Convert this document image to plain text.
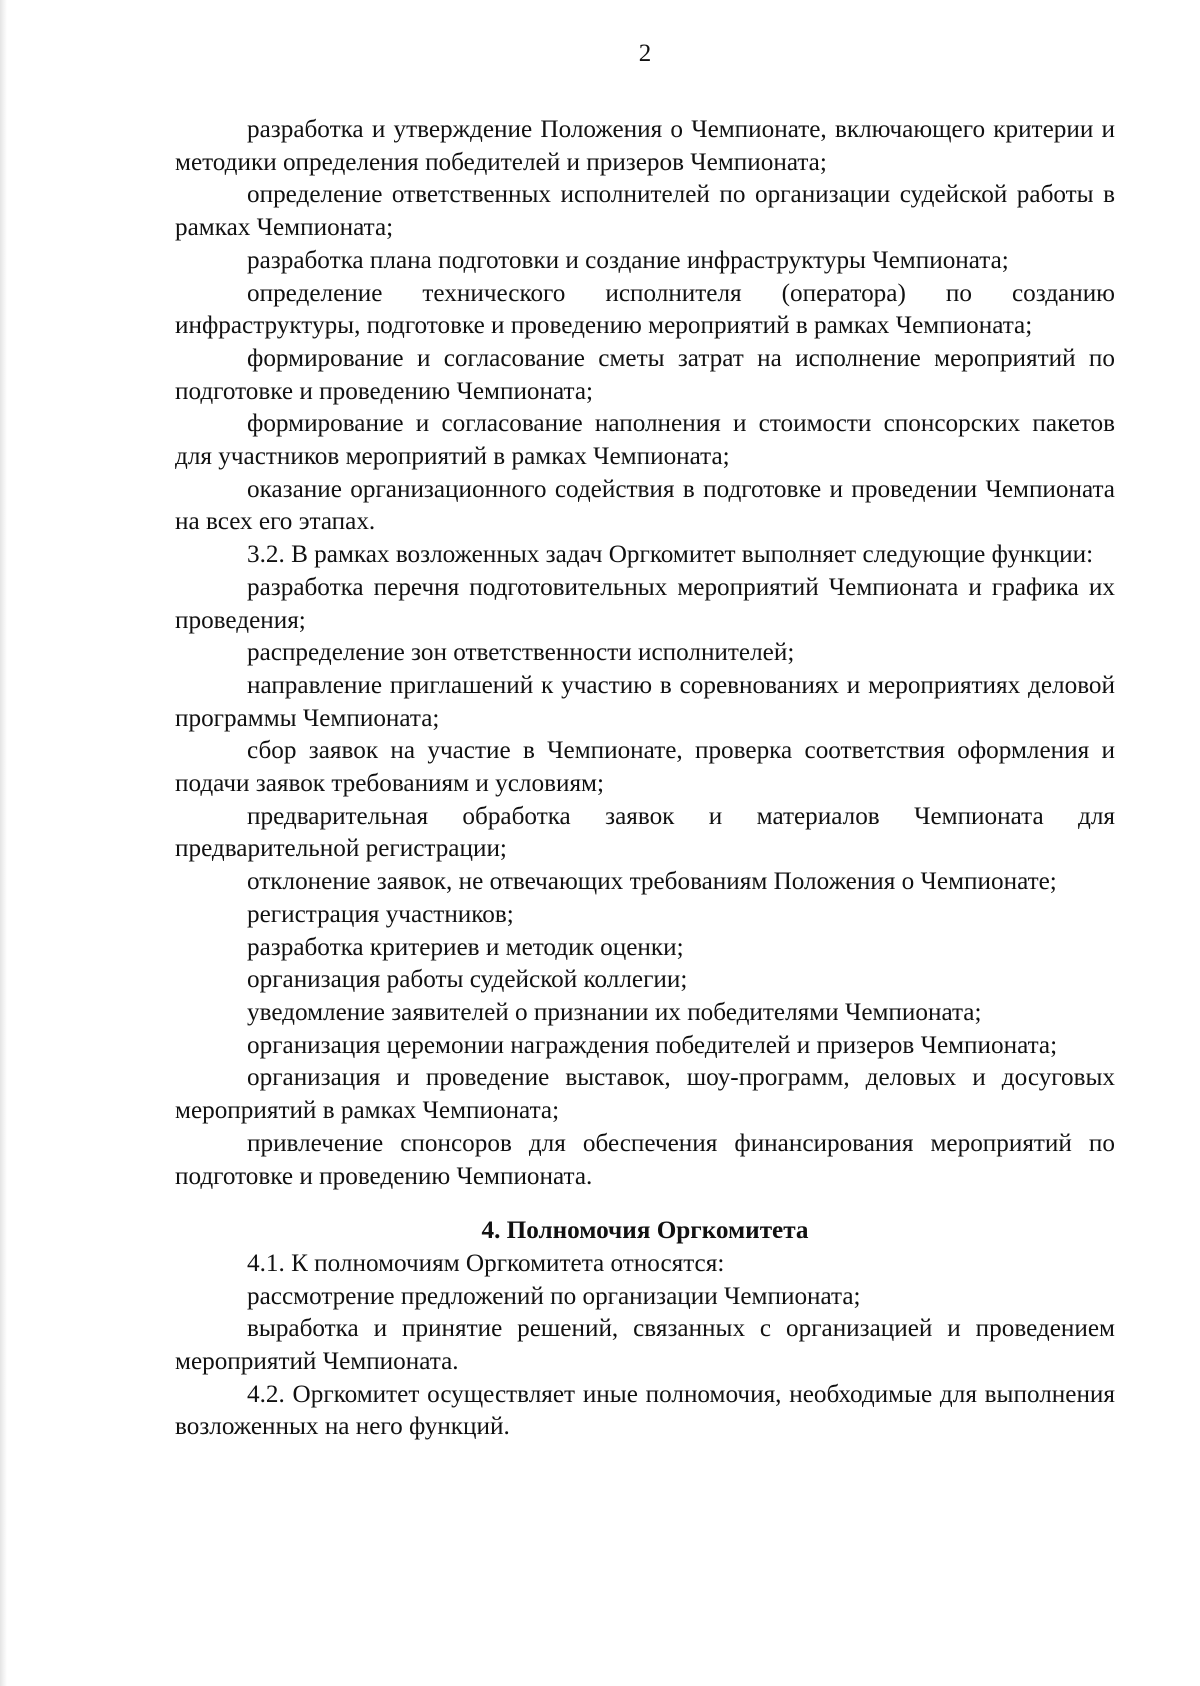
2

разработка и утверждение Положения о Чемпионате, включающего критерии и методики определения победителей и призеров Чемпионата;

определение ответственных исполнителей по организации судейской работы в рамках Чемпионата;

разработка плана подготовки и создание инфраструктуры Чемпионата;

определение технического исполнителя (оператора) по созданию инфраструктуры, подготовке и проведению мероприятий в рамках Чемпионата;

формирование и согласование сметы затрат на исполнение мероприятий по подготовке и проведению Чемпионата;

формирование и согласование наполнения и стоимости спонсорских пакетов для участников мероприятий в рамках Чемпионата;

оказание организационного содействия в подготовке и проведении Чемпионата на всех его этапах.

3.2. В рамках возложенных задач Оргкомитет выполняет следующие функции:

разработка перечня подготовительных мероприятий Чемпионата и графика их проведения;

распределение зон ответственности исполнителей;

направление приглашений к участию в соревнованиях и мероприятиях деловой программы Чемпионата;

сбор заявок на участие в Чемпионате, проверка соответствия оформления и подачи заявок требованиям и условиям;

предварительная обработка заявок и материалов Чемпионата для предварительной регистрации;

отклонение заявок, не отвечающих требованиям Положения о Чемпионате;

регистрация участников;

разработка критериев и методик оценки;

организация работы судейской коллегии;

уведомление заявителей о признании их победителями Чемпионата;

организация церемонии награждения победителей и призеров Чемпионата;

организация и проведение выставок, шоу-программ, деловых и досуговых мероприятий в рамках Чемпионата;

привлечение спонсоров для обеспечения финансирования мероприятий по подготовке и проведению Чемпионата.

4. Полномочия Оргкомитета

4.1. К полномочиям Оргкомитета относятся:

рассмотрение предложений по организации Чемпионата;

выработка и принятие решений, связанных с организацией и проведением мероприятий Чемпионата.

4.2. Оргкомитет осуществляет иные полномочия, необходимые для выполнения возложенных на него функций.
